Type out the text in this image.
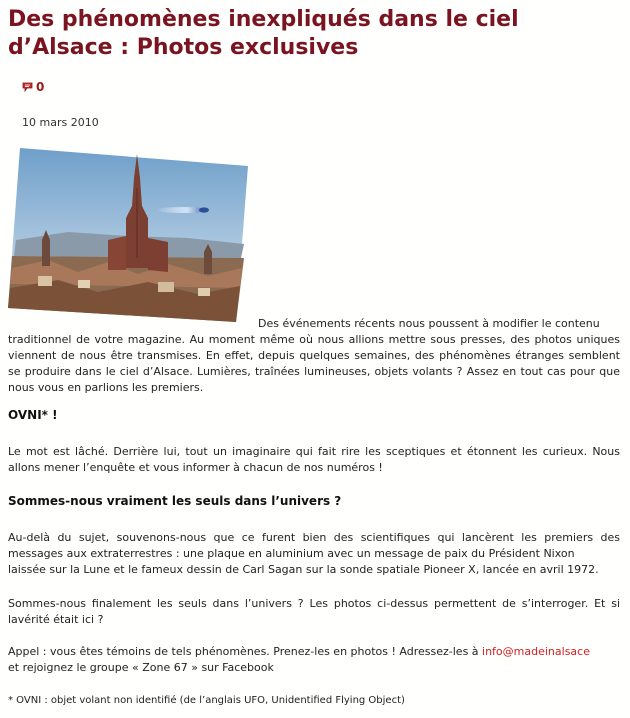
Des phénomènes inexpliqués dans le ciel d’Alsace : Photos exclusives
0
10 mars 2010
Des événements récents nous poussent à modifier le contenu
traditionnel de votre magazine. Au moment même où nous allions mettre sous presses, des photos uniques viennent de nous être transmises. En effet, depuis quelques semaines, des phénomènes étranges semblent se produire dans le ciel d’Alsace. Lumières, traînées lumineuses, objets volants ? Assez en tout cas pour que nous vous en parlions les premiers.
OVNI* !

Le mot est lâché. Derrière lui, tout un imaginaire qui fait rire les sceptiques et étonnent les curieux. Nous allons mener l’enquête et vous informer à chacun de nos numéros !

Sommes-nous vraiment les seuls dans l’univers ?

Au-delà du sujet, souvenons-nous que ce furent bien des scientifiques qui lancèrent les premiers des messages aux extraterrestres : une plaque en aluminium avec un message de paix du Président Nixon
laissée sur la Lune et le fameux dessin de Carl Sagan sur la sonde spatiale Pioneer X, lancée en avril 1972.

Sommes-nous finalement les seuls dans l’univers ? Les photos ci-dessus permettent de s’interroger. Et si lavérité était ici ?

Appel : vous êtes témoins de tels phénomènes. Prenez-les en photos ! Adressez-les à info@madeinalsace
et rejoignez le groupe « Zone 67 » sur Facebook

* OVNI : objet volant non identifié (de l’anglais UFO, Unidentified Flying Object)
